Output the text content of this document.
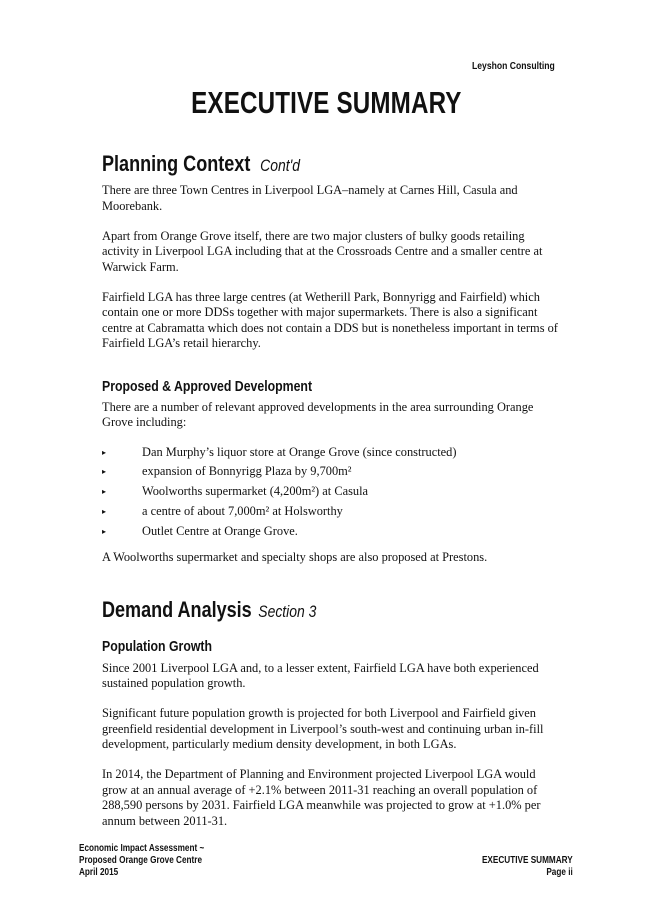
Leyshon Consulting
EXECUTIVE SUMMARY
Planning Context Cont'd

There are three Town Centres in Liverpool LGA–namely at Carnes Hill, Casula and Moorebank.

Apart from Orange Grove itself, there are two major clusters of bulky goods retailing activity in Liverpool LGA including that at the Crossroads Centre and a smaller centre at Warwick Farm.

Fairfield LGA has three large centres (at Wetherill Park, Bonnyrigg and Fairfield) which contain one or more DDSs together with major supermarkets. There is also a significant centre at Cabramatta which does not contain a DDS but is nonetheless important in terms of Fairfield LGA’s retail hierarchy.

Proposed & Approved Development

There are a number of relevant approved developments in the area surrounding Orange Grove including:

▸	Dan Murphy’s liquor store at Orange Grove (since constructed)
▸	expansion of Bonnyrigg Plaza by 9,700m²
▸	Woolworths supermarket (4,200m²) at Casula
▸	a centre of about 7,000m² at Holsworthy
▸	Outlet Centre at Orange Grove.

A Woolworths supermarket and specialty shops are also proposed at Prestons.

Demand Analysis Section 3
Population Growth

Since 2001 Liverpool LGA and, to a lesser extent, Fairfield LGA have both experienced sustained population growth.

Significant future population growth is projected for both Liverpool and Fairfield given greenfield residential development in Liverpool’s south-west and continuing urban in-fill development, particularly medium density development, in both LGAs.

In 2014, the Department of Planning and Environment projected Liverpool LGA would grow at an annual average of +2.1% between 2011-31 reaching an overall population of 288,590 persons by 2031. Fairfield LGA meanwhile was projected to grow at +1.0% per annum between 2011-31.

Economic Impact Assessment ~
Proposed Orange Grove Centre
April 2015
EXECUTIVE SUMMARY
Page ii
